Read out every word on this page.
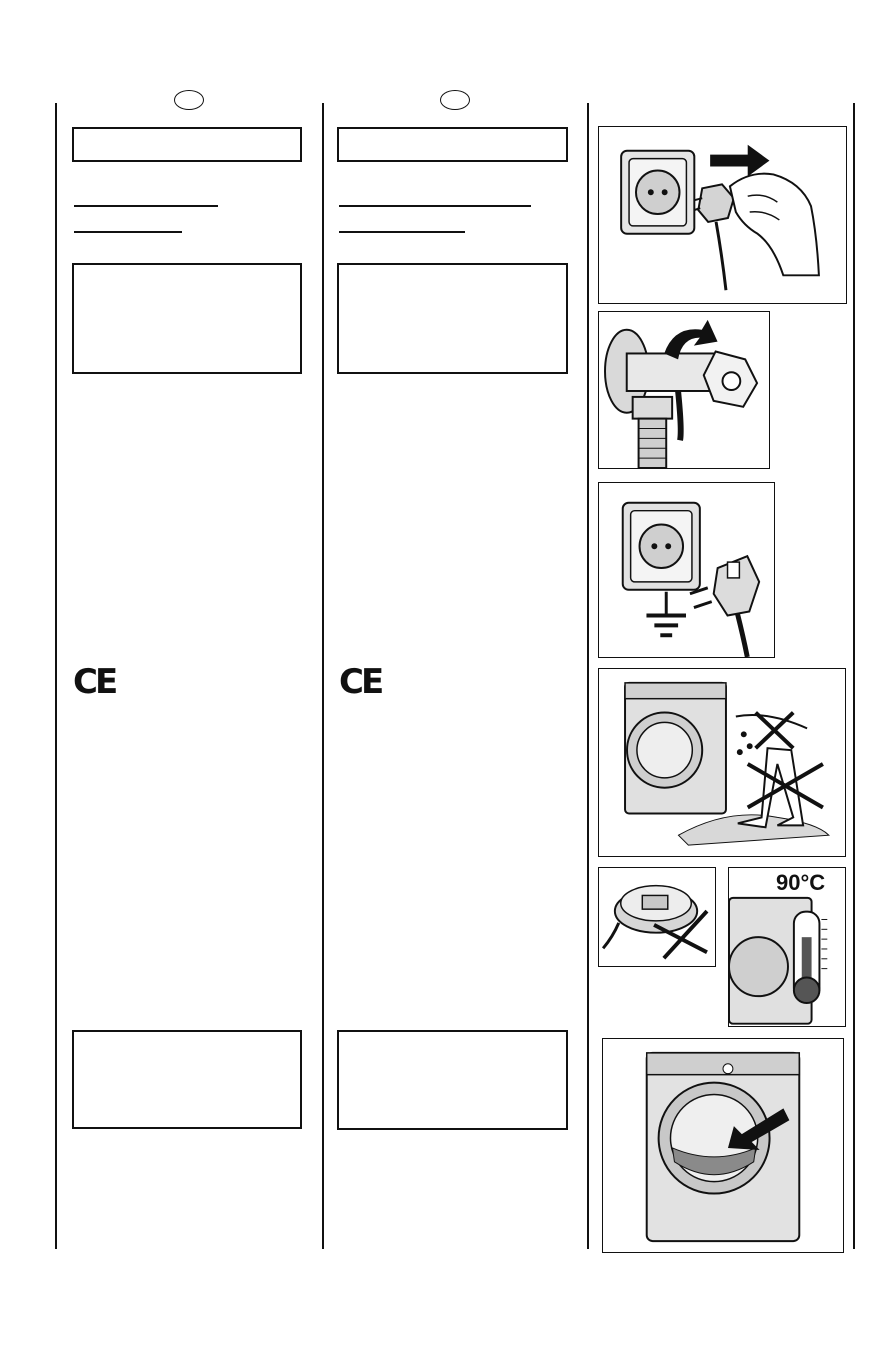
CE	CE
90°C
